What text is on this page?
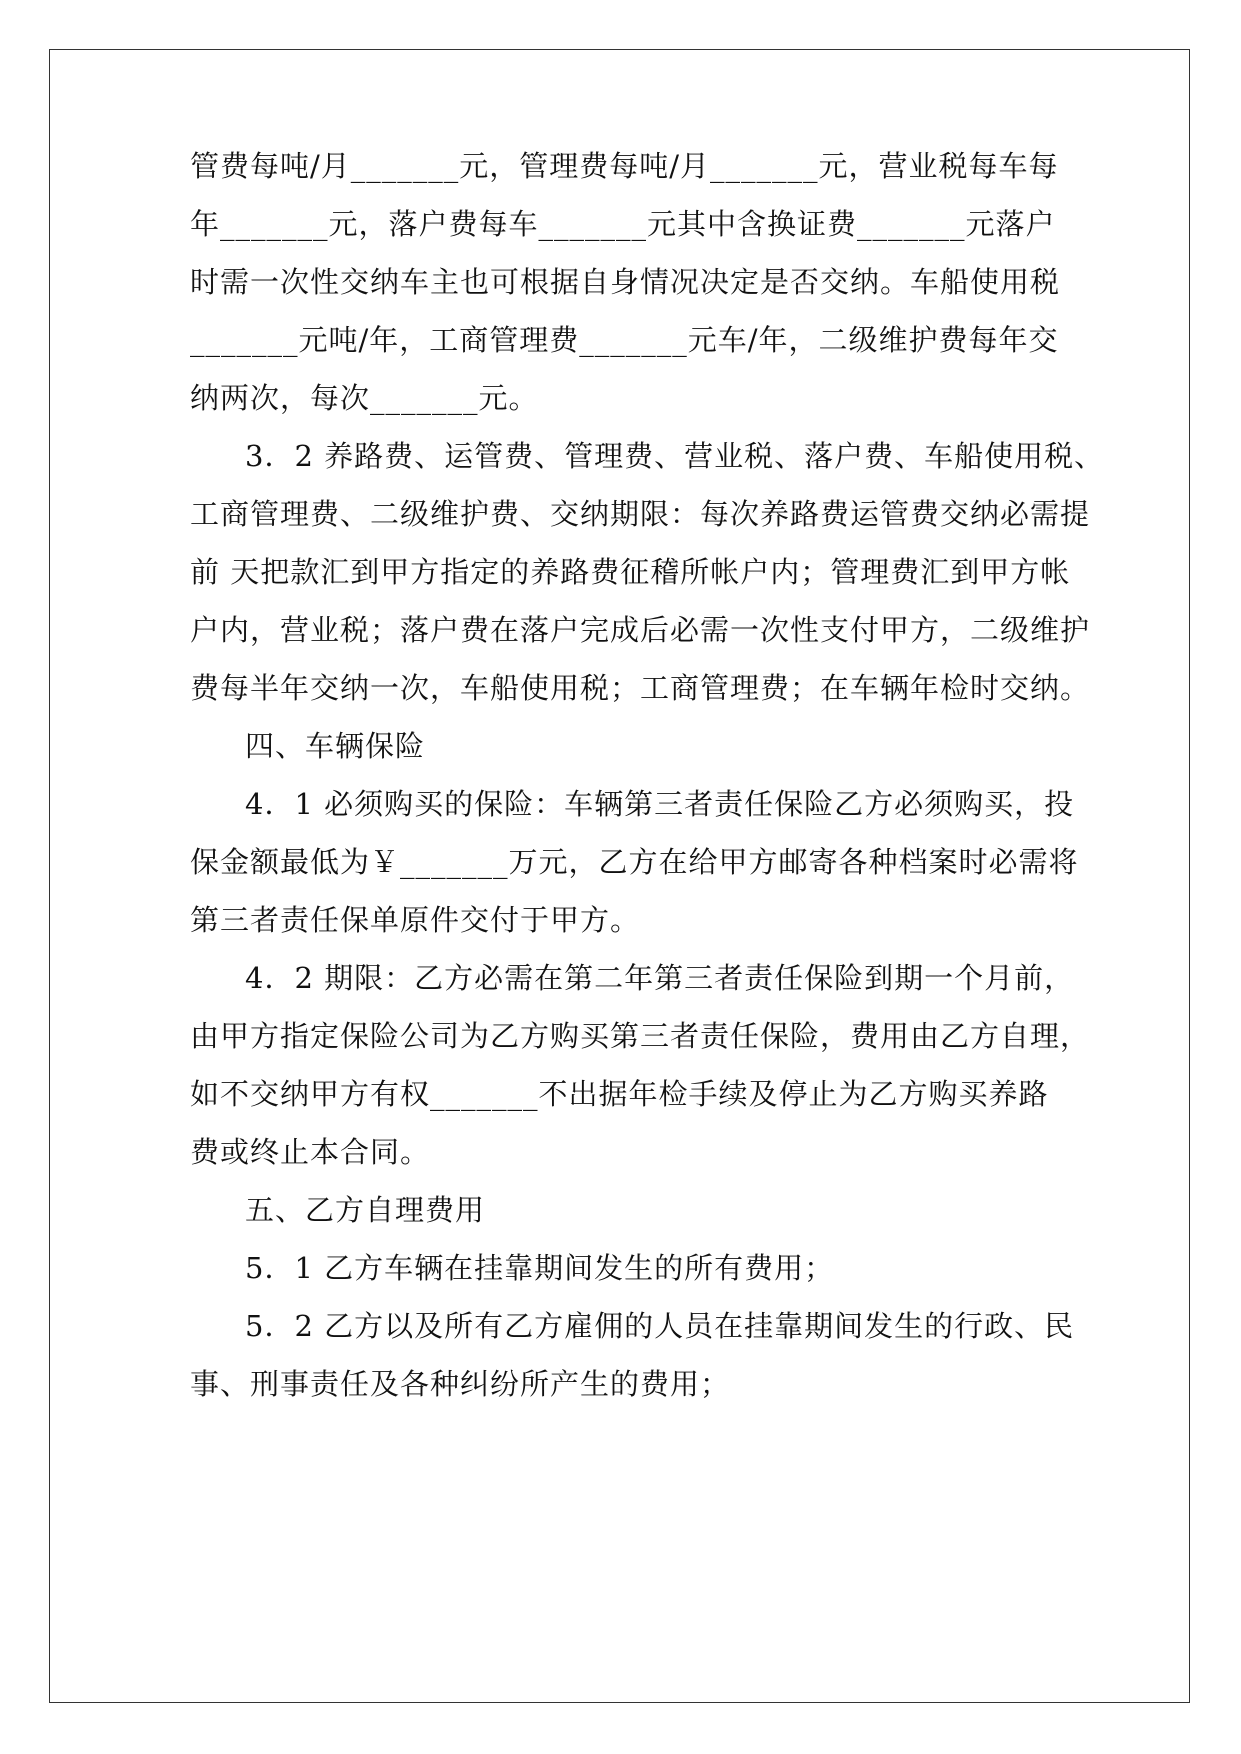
管费每吨/月_______元，管理费每吨/月_______元，营业税每车每
年_______元，落户费每车_______元其中含换证费_______元落户
时需一次性交纳车主也可根据自身情况决定是否交纳。车船使用税
_______元吨/年，工商管理费_______元车/年，二级维护费每年交
纳两次，每次_______元。
3．2 养路费、运管费、管理费、营业税、落户费、车船使用税、
工商管理费、二级维护费、交纳期限：每次养路费运管费交纳必需提
前 天把款汇到甲方指定的养路费征稽所帐户内；管理费汇到甲方帐
户内，营业税；落户费在落户完成后必需一次性支付甲方，二级维护
费每半年交纳一次，车船使用税；工商管理费；在车辆年检时交纳。
四、车辆保险
4．1 必须购买的保险：车辆第三者责任保险乙方必须购买，投
保金额最低为￥_______万元，乙方在给甲方邮寄各种档案时必需将
第三者责任保单原件交付于甲方。
4．2 期限：乙方必需在第二年第三者责任保险到期一个月前，
由甲方指定保险公司为乙方购买第三者责任保险，费用由乙方自理，
如不交纳甲方有权_______不出据年检手续及停止为乙方购买养路
费或终止本合同。
五、乙方自理费用
5．1 乙方车辆在挂靠期间发生的所有费用；
5．2 乙方以及所有乙方雇佣的人员在挂靠期间发生的行政、民
事、刑事责任及各种纠纷所产生的费用；
